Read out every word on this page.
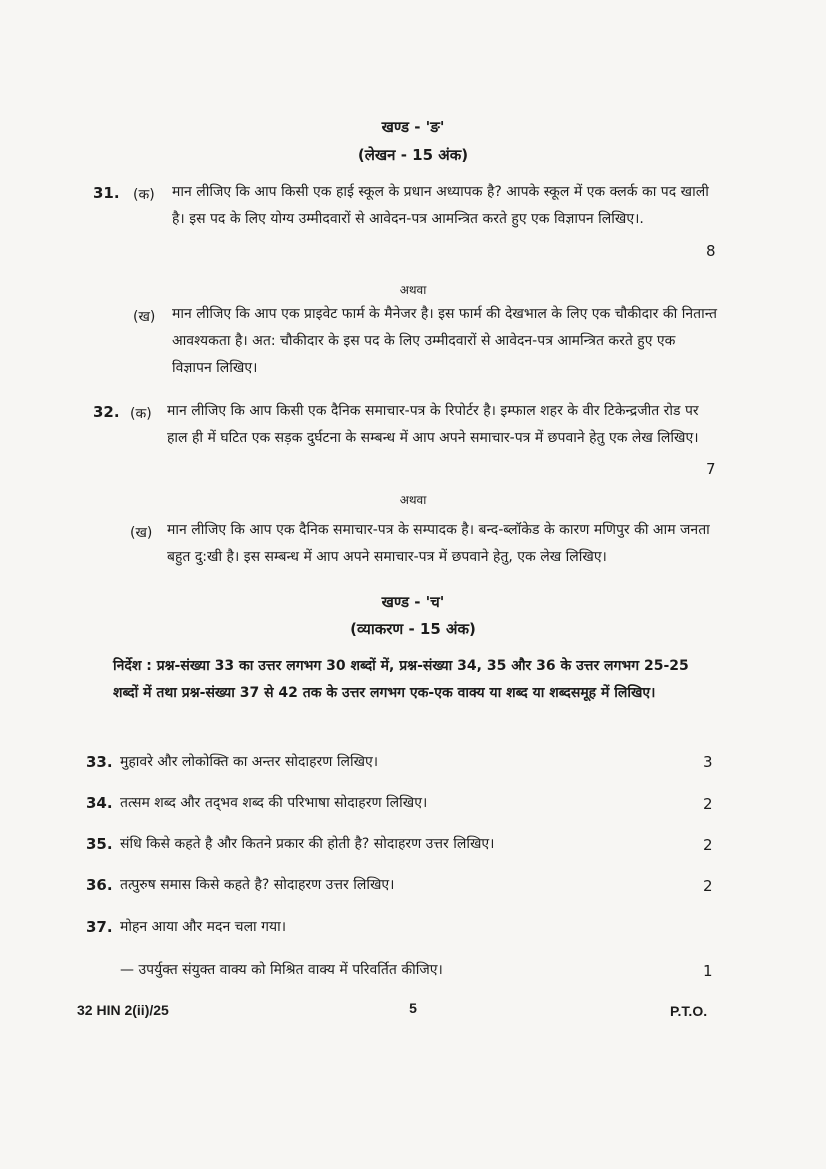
खण्ड - 'ङ'
(लेखन - 15 अंक)
31. (क) मान लीजिए कि आप किसी एक हाई स्कूल के प्रधान अध्यापक है? आपके स्कूल में एक क्लर्क का पद खाली है। इस पद के लिए योग्य उम्मीदवारों से आवेदन-पत्र आमन्त्रित करते हुए एक विज्ञापन लिखिए।.
8
अथवा
(ख) मान लीजिए कि आप एक प्राइवेट फार्म के मैनेजर है। इस फार्म की देखभाल के लिए एक चौकीदार की नितान्त आवश्यकता है। अत: चौकीदार के इस पद के लिए उम्मीदवारों से आवेदन-पत्र आमन्त्रित करते हुए एक विज्ञापन लिखिए।
32. (क) मान लीजिए कि आप किसी एक दैनिक समाचार-पत्र के रिपोर्टर है। इम्फाल शहर के वीर टिकेन्द्रजीत रोड पर हाल ही में घटित एक सड़क दुर्घटना के सम्बन्ध में आप अपने समाचार-पत्र में छपवाने हेतु एक लेख लिखिए।
7
अथवा
(ख) मान लीजिए कि आप एक दैनिक समाचार-पत्र के सम्पादक है। बन्द-ब्लॉकेड के कारण मणिपुर की आम जनता बहुत दु:खी है। इस सम्बन्ध में आप अपने समाचार-पत्र में छपवाने हेतु, एक लेख लिखिए।
खण्ड - 'च'
(व्याकरण - 15 अंक)
निर्देश : प्रश्न-संख्या 33 का उत्तर लगभग 30 शब्दों में, प्रश्न-संख्या 34, 35 और 36 के उत्तर लगभग 25-25 शब्दों में तथा प्रश्न-संख्या 37 से 42 तक के उत्तर लगभग एक-एक वाक्य या शब्द या शब्दसमूह में लिखिए।
33. मुहावरे और लोकोक्ति का अन्तर सोदाहरण लिखिए।	3
34. तत्सम शब्द और तद्‌भव शब्द की परिभाषा सोदाहरण लिखिए।	2
35. संधि किसे कहते है और कितने प्रकार की होती है? सोदाहरण उत्तर लिखिए।	2
36. तत्पुरुष समास किसे कहते है? सोदाहरण उत्तर लिखिए।	2
37. मोहन आया और मदन चला गया।
— उपर्युक्त संयुक्त वाक्य को मिश्रित वाक्य में परिवर्तित कीजिए।	1
32 HIN 2(ii)/25	5	P.T.O.
